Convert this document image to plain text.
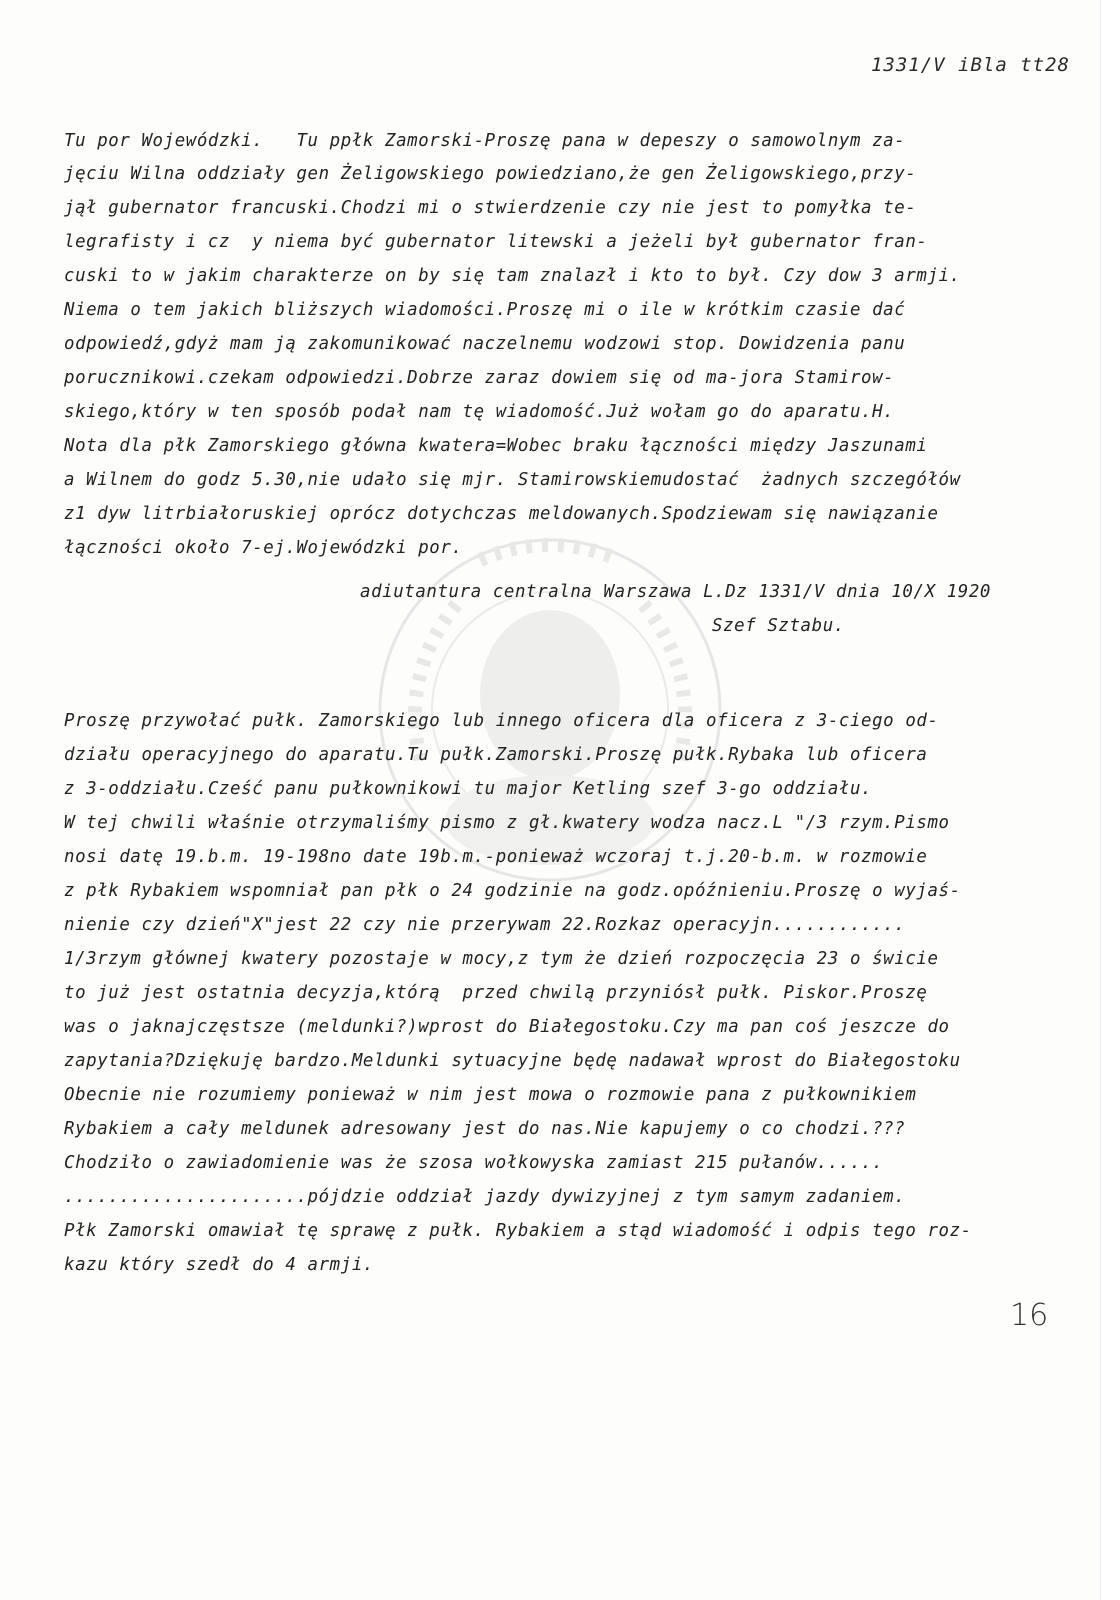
1331/V iBla tt28
Tu por Wojewódzki.   Tu ppłk Zamorski-Proszę pana w depeszy o samowolnym za-
jęciu Wilna oddziały gen Żeligowskiego powiedziano,że gen Żeligowskiego,przy-
jął gubernator francuski.Chodzi mi o stwierdzenie czy nie jest to pomyłka te-
legrafisty i cz  y niema być gubernator litewski a jeżeli był gubernator fran-
cuski to w jakim charakterze on by się tam znalazł i kto to był. Czy dow 3 armji.
Niema o tem jakich bliższych wiadomości.Proszę mi o ile w krótkim czasie dać
odpowiedź,gdyż mam ją zakomunikować naczelnemu wodzowi stop. Dowidzenia panu
porucznikowi.czekam odpowiedzi.Dobrze zaraz dowiem się od ma-jora Stamirow-
skiego,który w ten sposób podał nam tę wiadomość.Już wołam go do aparatu.H.
Nota dla płk Zamorskiego główna kwatera=Wobec braku łączności między Jaszunami
a Wilnem do godz 5.30,nie udało się mjr. Stamirowskiemudostać  żadnych szczegółów
z1 dyw litrbiałoruskiej oprócz dotychczas meldowanych.Spodziewam się nawiązanie
łączności około 7-ej.Wojewódzki por.
adiutantura centralna Warszawa L.Dz 1331/V dnia 10/X 1920
Szef Sztabu.
Proszę przywołać pułk. Zamorskiego lub innego oficera dla oficera z 3-ciego od-
działu operacyjnego do aparatu.Tu pułk.Zamorski.Proszę pułk.Rybaka lub oficera
z 3-oddziału.Cześć panu pułkownikowi tu major Ketling szef 3-go oddziału.
W tej chwili właśnie otrzymaliśmy pismo z gł.kwatery wodza nacz.L "/3 rzym.Pismo
nosi datę 19.b.m. 19-198no date 19b.m.-ponieważ wczoraj t.j.20-b.m. w rozmowie
z płk Rybakiem wspomniał pan płk o 24 godzinie na godz.opóźnieniu.Proszę o wyjaś-
nienie czy dzień"X"jest 22 czy nie przerywam 22.Rozkaz operacyjn............
1/3rzym głównej kwatery pozostaje w mocy,z tym że dzień rozpoczęcia 23 o świcie
to już jest ostatnia decyzja,którą  przed chwilą przyniósł pułk. Piskor.Proszę
was o jaknajczęstsze (meldunki?)wprost do Białegostoku.Czy ma pan coś jeszcze do
zapytania?Dziękuję bardzo.Meldunki sytuacyjne będę nadawał wprost do Białegostoku
Obecnie nie rozumiemy ponieważ w nim jest mowa o rozmowie pana z pułkownikiem
Rybakiem a cały meldunek adresowany jest do nas.Nie kapujemy o co chodzi.???
Chodziło o zawiadomienie was że szosa wołkowyska zamiast 215 pułanów......
......................pójdzie oddział jazdy dywizyjnej z tym samym zadaniem.
Płk Zamorski omawiał tę sprawę z pułk. Rybakiem a stąd wiadomość i odpis tego roz-
kazu który szedł do 4 armji.
16
